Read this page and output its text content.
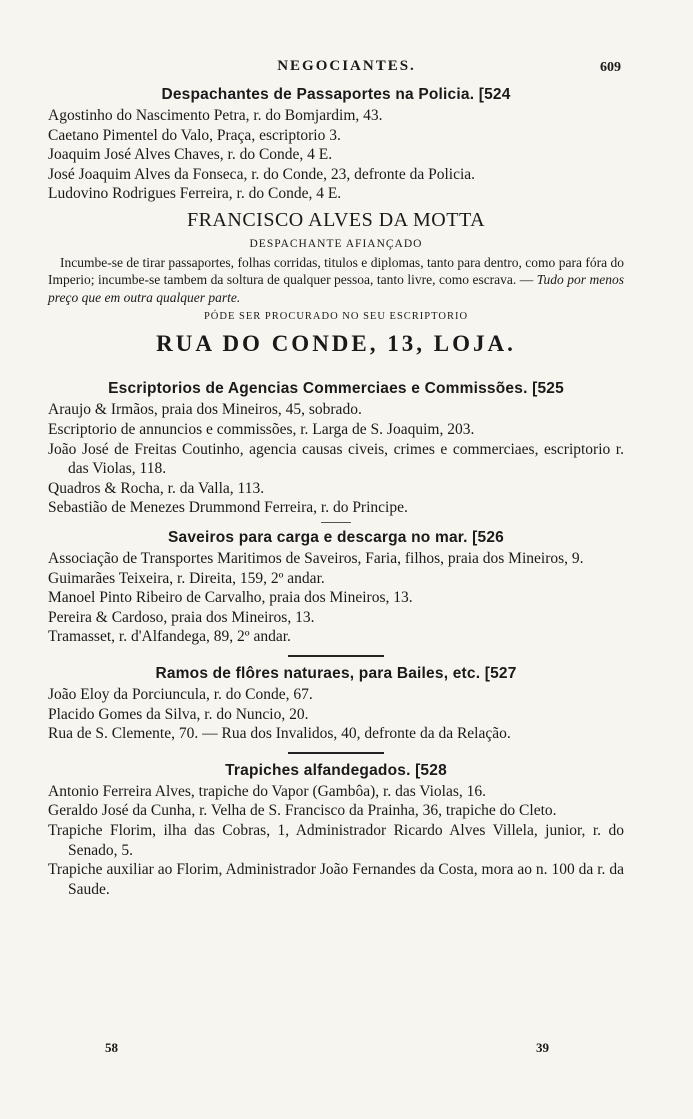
NEGOCIANTES.	609

Despachantes de Passaportes na Policia. [524

Agostinho do Nascimento Petra, r. do Bomjardim, 43.

Caetano Pimentel do Valo, Praça, escriptorio 3.

Joaquim José Alves Chaves, r. do Conde, 4 E.

José Joaquim Alves da Fonseca, r. do Conde, 23, defronte da Policia.

Ludovino Rodrigues Ferreira, r. do Conde, 4 E.

FRANCISCO ALVES DA MOTTA
DESPACHANTE AFIANÇADO

Incumbe-se de tirar passaportes, folhas corridas, titulos e diplomas, tanto para dentro, como para fóra do Imperio; incumbe-se tambem da soltura de qualquer pessoa, tanto livre, como escrava. — Tudo por menos preço que em outra qualquer parte.

PÓDE SER PROCURADO NO SEU ESCRIPTORIO
RUA DO CONDE, 13, LOJA.

Escriptorios de Agencias Commerciaes e Commissões. [525

Araujo & Irmãos, praia dos Mineiros, 45, sobrado.

Escriptorio de annuncios e commissões, r. Larga de S. Joaquim, 203.

João José de Freitas Coutinho, agencia causas civeis, crimes e commerciaes, escriptorio r. das Violas, 118.

Quadros & Rocha, r. da Valla, 113.

Sebastião de Menezes Drummond Ferreira, r. do Principe.

Saveiros para carga e descarga no mar. [526

Associação de Transportes Maritimos de Saveiros, Faria, filhos, praia dos Mineiros, 9.

Guimarães Teixeira, r. Direita, 159, 2º andar.

Manoel Pinto Ribeiro de Carvalho, praia dos Mineiros, 13.

Pereira & Cardoso, praia dos Mineiros, 13.

Tramasset, r. d'Alfandega, 89, 2º andar.

Ramos de flôres naturaes, para Bailes, etc. [527

João Eloy da Porciuncula, r. do Conde, 67.

Placido Gomes da Silva, r. do Nuncio, 20.

Rua de S. Clemente, 70. — Rua dos Invalidos, 40, defronte da da Relação.

Trapiches alfandegados. [528

Antonio Ferreira Alves, trapiche do Vapor (Gambôa), r. das Violas, 16.

Geraldo José da Cunha, r. Velha de S. Francisco da Prainha, 36, trapiche do Cleto.

Trapiche Florim, ilha das Cobras, 1, Administrador Ricardo Alves Villela, junior, r. do Senado, 5.

Trapiche auxiliar ao Florim, Administrador João Fernandes da Costa, mora ao n. 100 da r. da Saude.

58	39
